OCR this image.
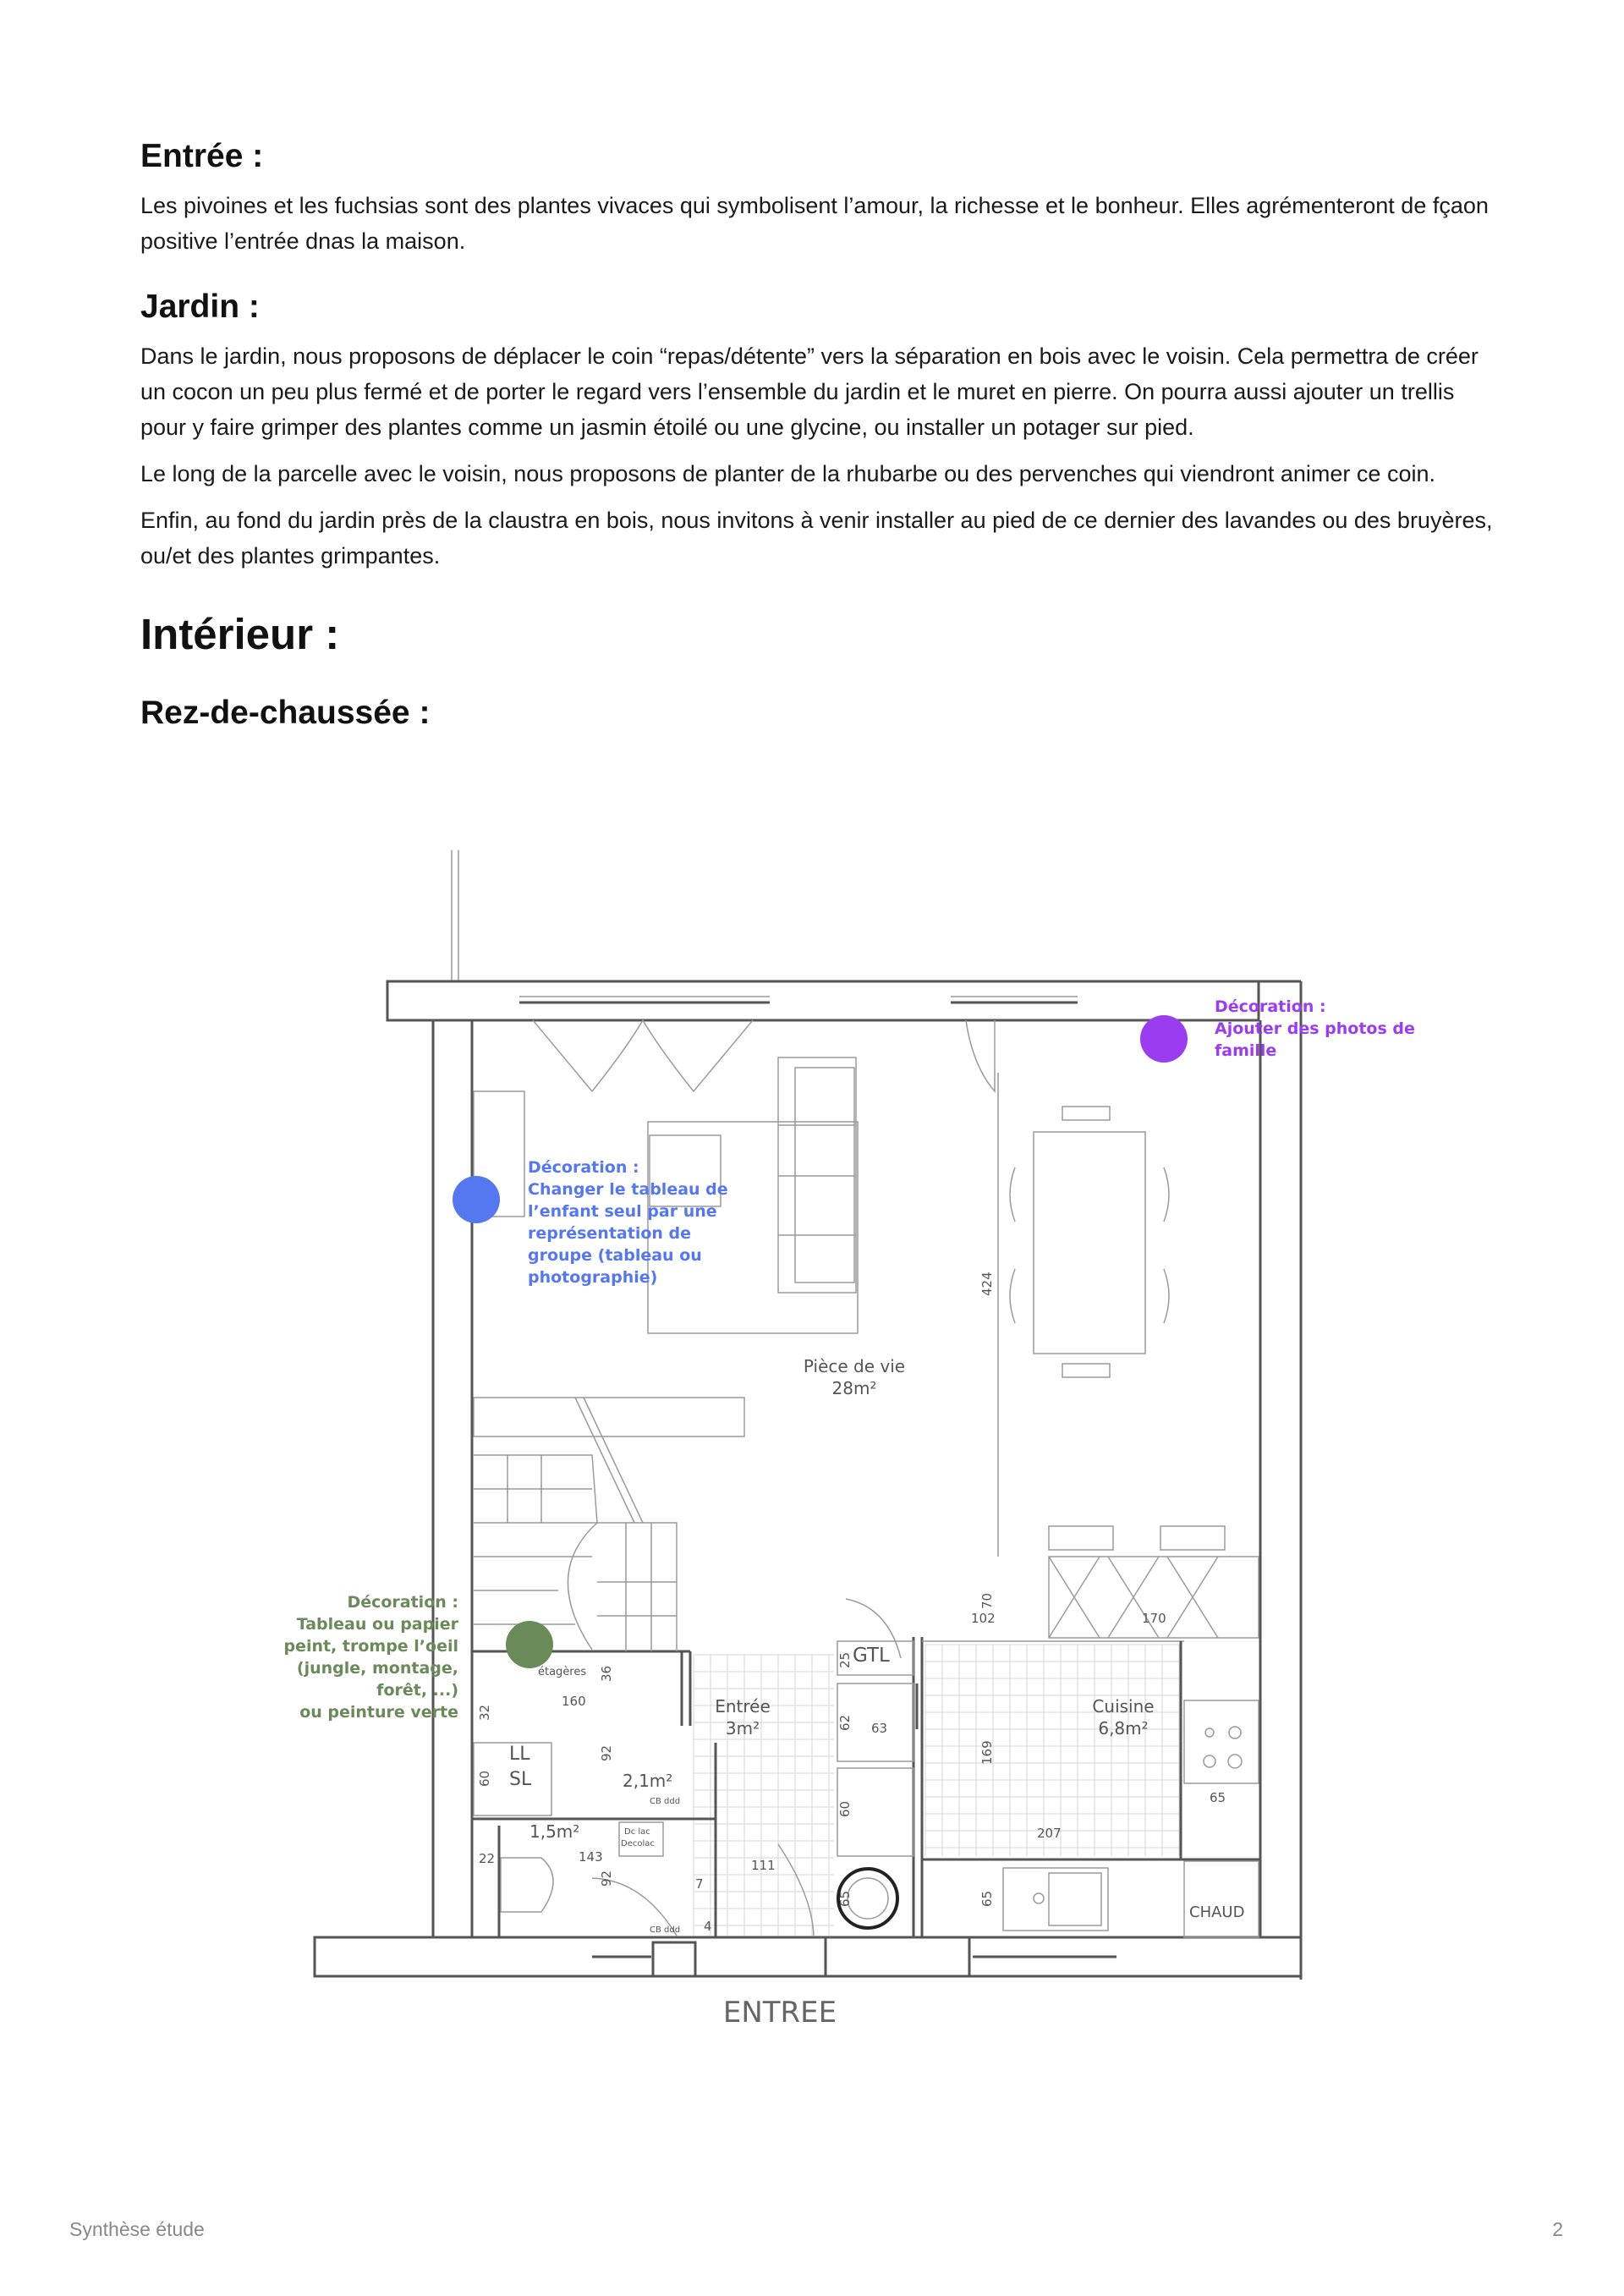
Entrée :

Les pivoines et les fuchsias sont des plantes vivaces qui symbolisent l’amour, la richesse et le bonheur. Elles agrémenteront de fçaon positive l’entrée dnas la maison.

Jardin :

Dans le jardin, nous proposons de déplacer le coin “repas/détente” vers la séparation en bois avec le voisin. Cela permettra de créer un cocon un peu plus fermé et de porter le regard vers l’ensemble du jardin et le muret en pierre. On pourra aussi ajouter un trellis pour y faire grimper des plantes comme un jasmin étoilé ou une glycine, ou installer un potager sur pied.

Le long de la parcelle avec le voisin, nous proposons de planter de la rhubarbe ou des pervenches qui viendront animer ce coin.

Enfin, au fond du jardin près de la claustra en bois, nous invitons à venir installer au pied de ce dernier des lavandes ou des bruyères, ou/et des plantes grimpantes.

Intérieur :
Rez-de-chaussée :
Pièce de vie
28m²
Entrée
3m²
Cuisine
6,8m²
1,5m²
2,1m²
GTL
LL
SL
CHAUD
étagères
CB ddd
CB ddd
Dc lac
Decolac
ENTREE
424
70
102	170
25
62 63
169
65
207
60
65	65
36
160
32
92
60
22	143
92	7
111
4
Décoration :
Ajouter des photos de
famille
Décoration :
Changer le tableau de
l’enfant seul par une
représentation de
groupe (tableau ou
photographie)
Décoration :
Tableau ou papier
peint, trompe l’oeil
(jungle, montage,
forêt, ...)
ou peinture verte
Synthèse étude	2
